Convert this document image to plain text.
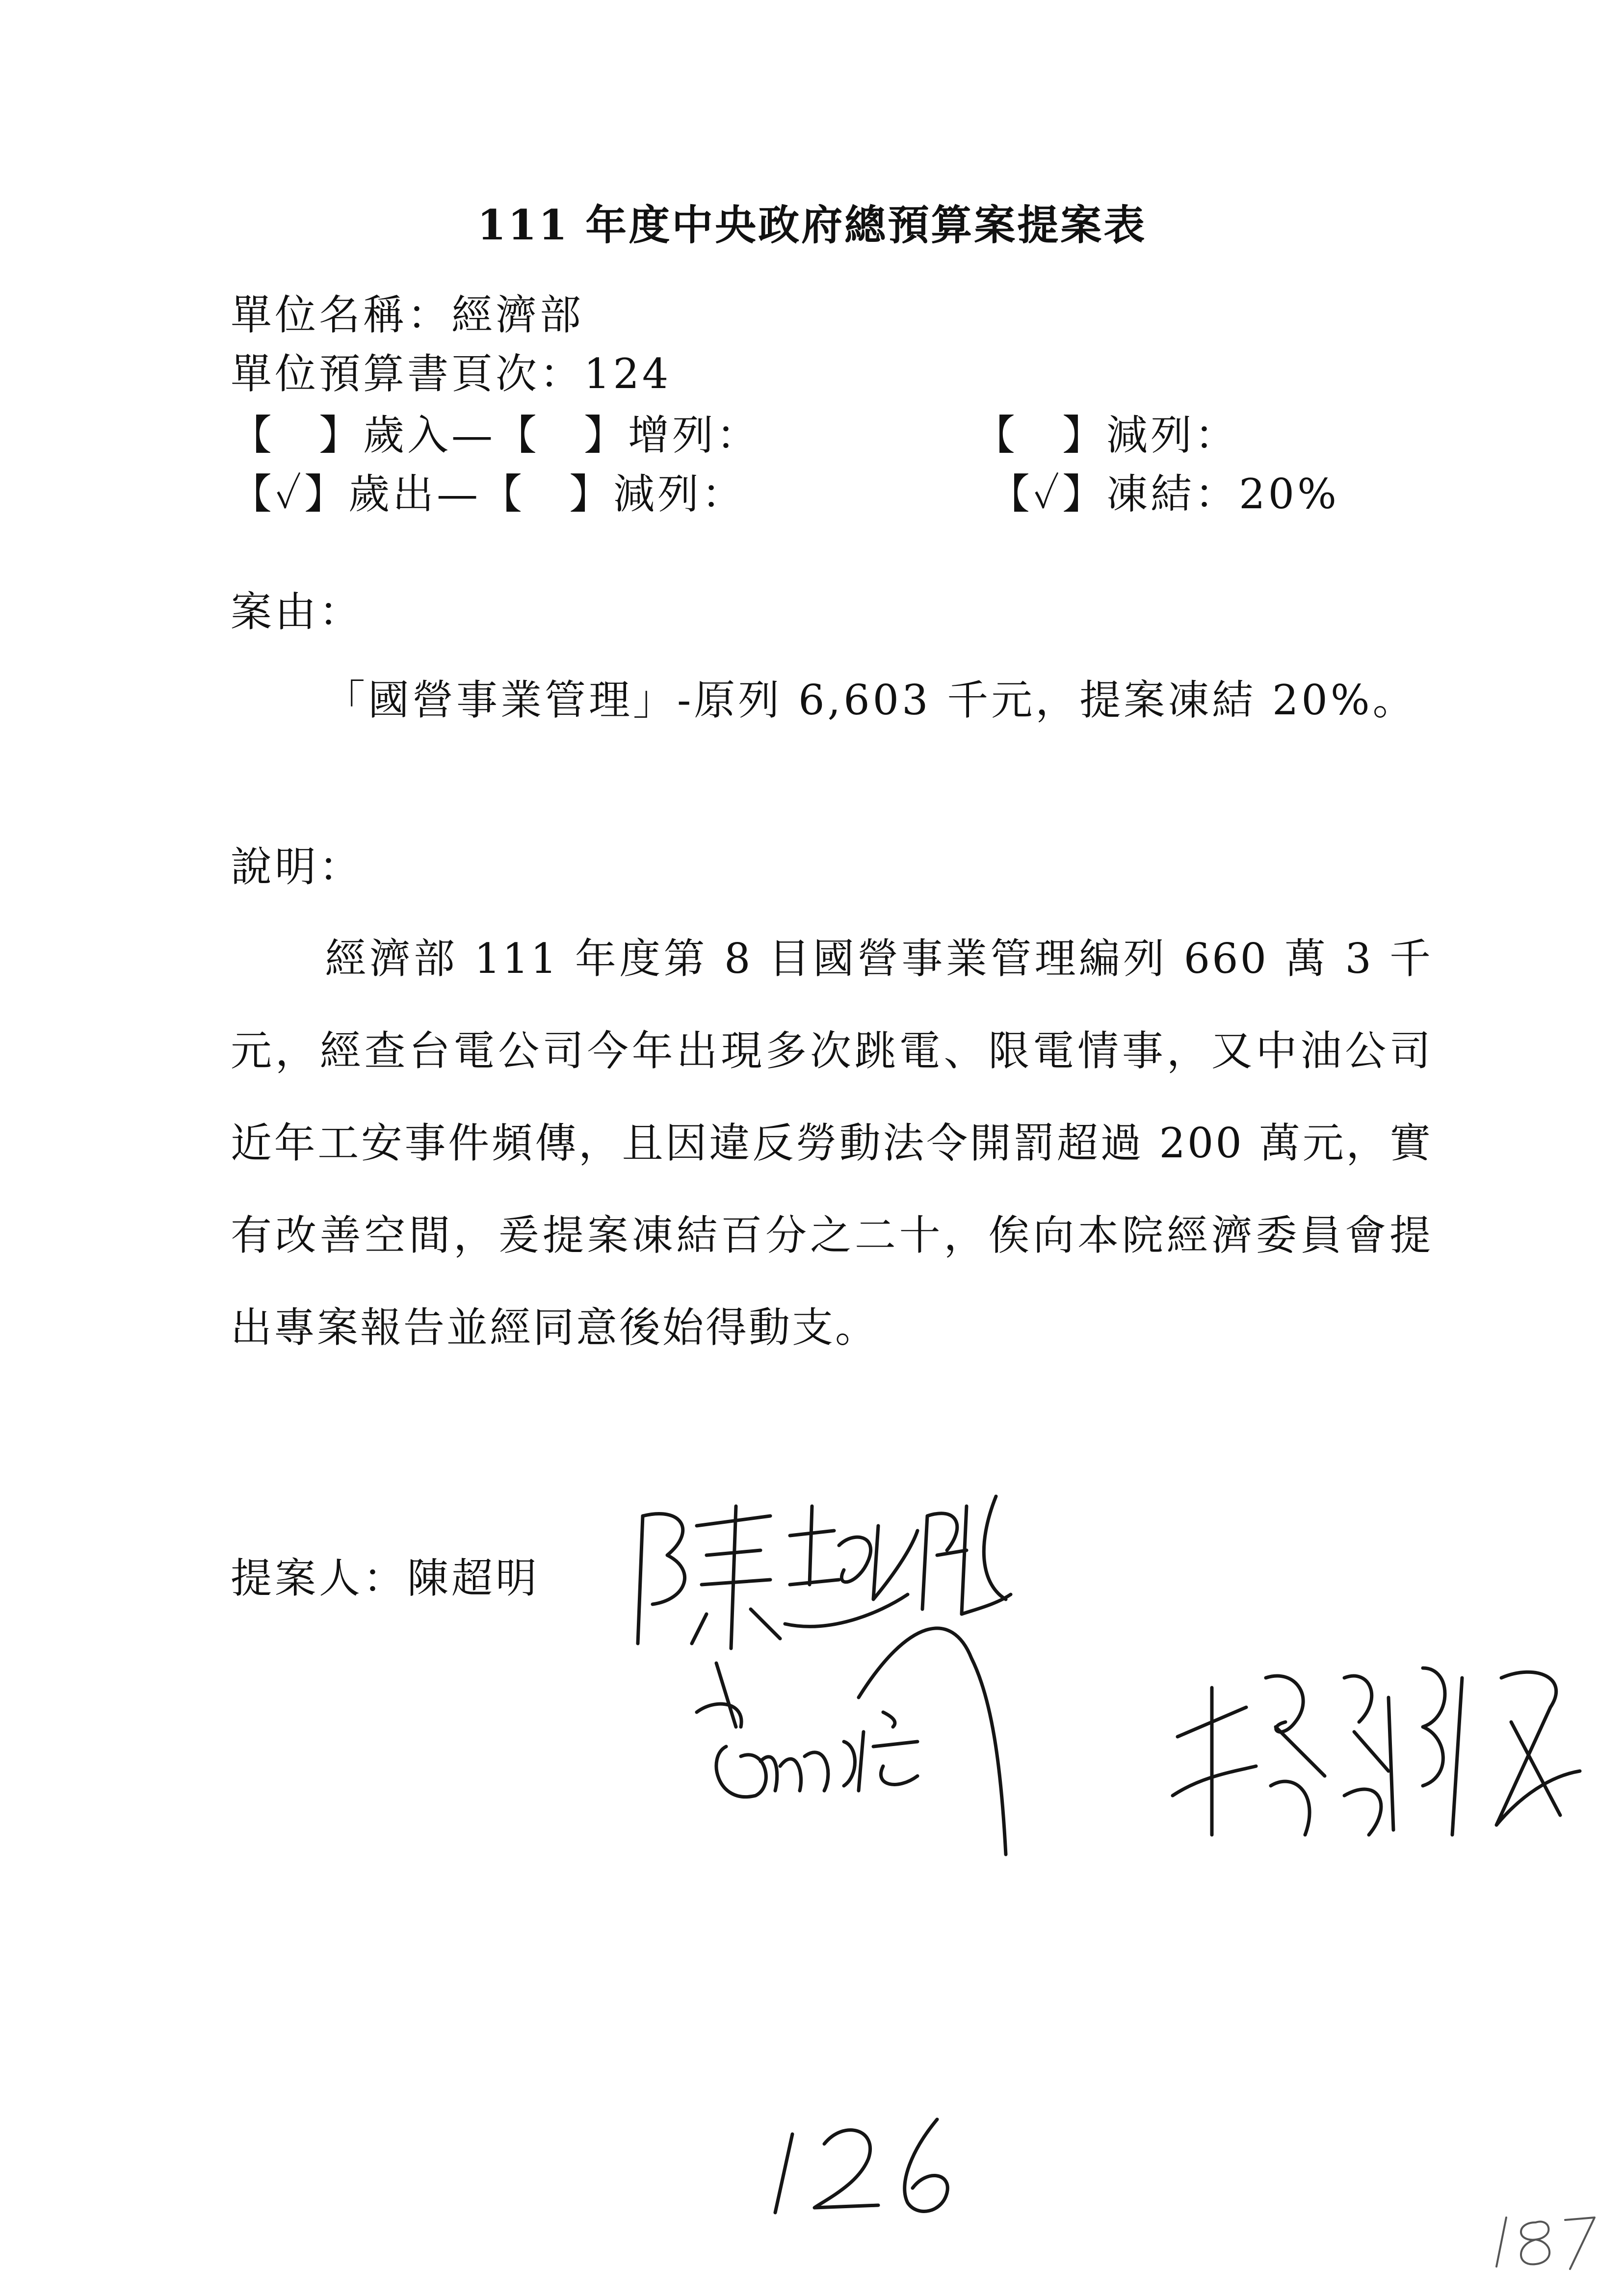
111 年度中央政府總預算案提案表
單位名稱：經濟部
單位預算書頁次：124
【　】歲入—【　】增列：	【　】減列：
【✓】歲出—【　】減列：	【✓】凍結：20%
案由：
「國營事業管理」-原列 6,603 千元，提案凍結 20%。
說明：
經濟部 111 年度第 8 目國營事業管理編列 660 萬 3 千元，經查台電公司今年出現多次跳電、限電情事，又中油公司近年工安事件頻傳，且因違反勞動法令開罰超過 200 萬元，實有改善空間，爰提案凍結百分之二十，俟向本院經濟委員會提出專案報告並經同意後始得動支。
提案人：陳超明
